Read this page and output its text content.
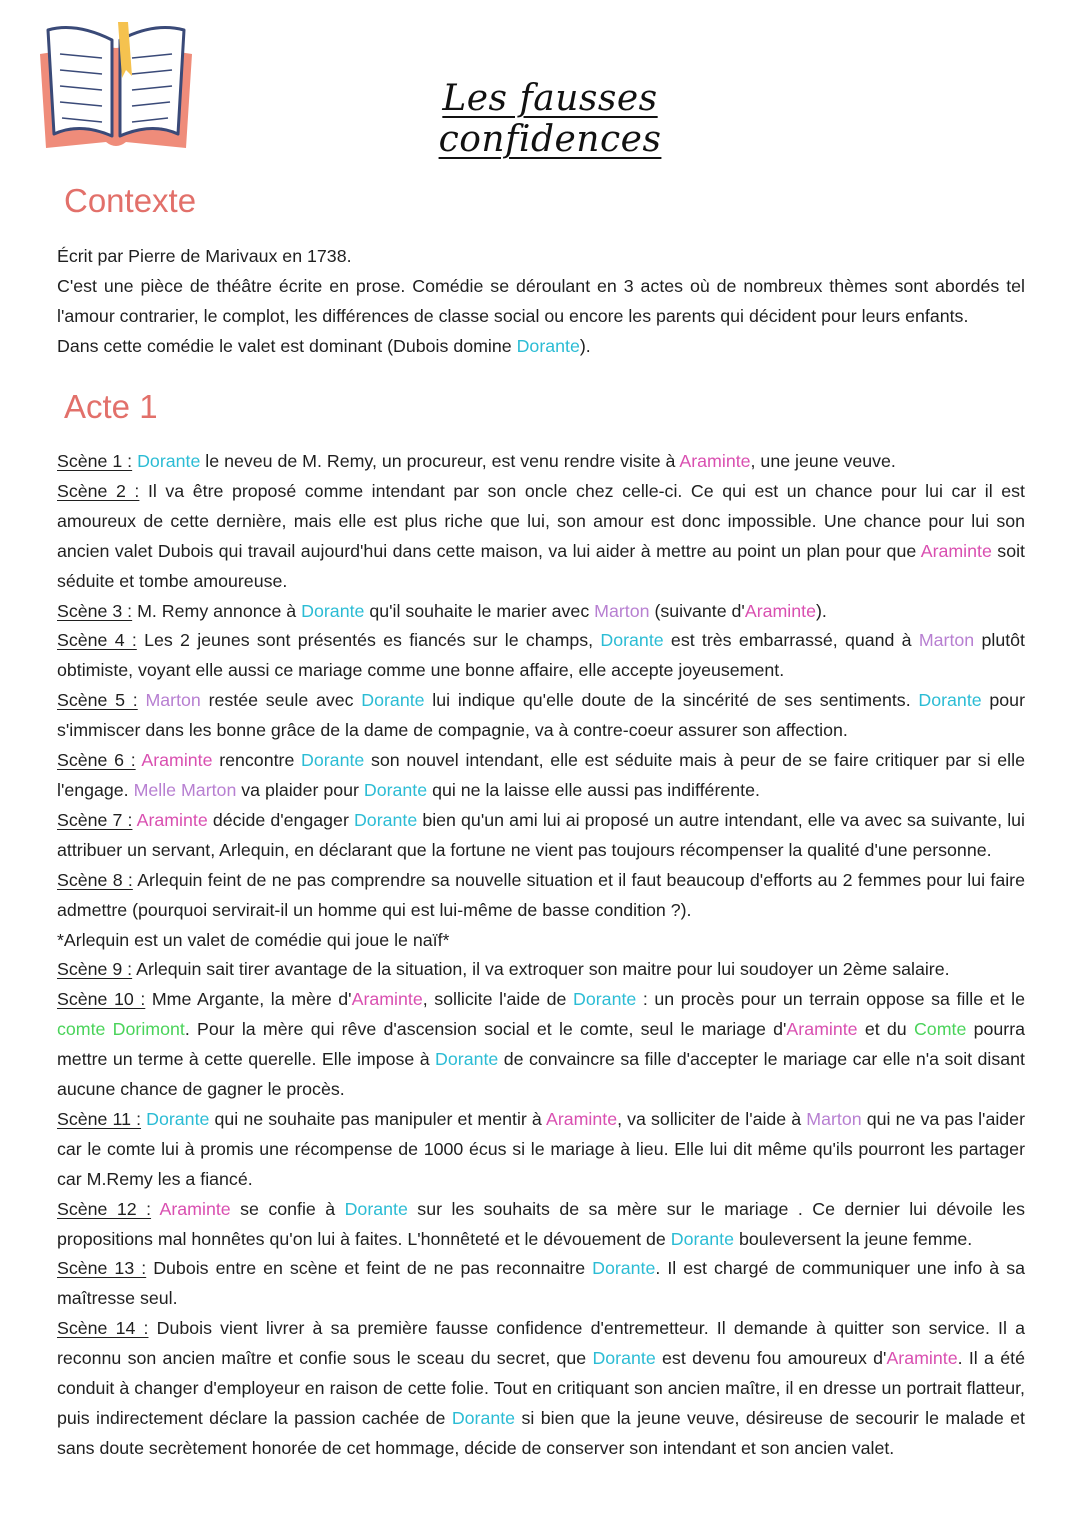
Les fausses confidences
Contexte

Écrit par Pierre de Marivaux en 1738.

C'est une pièce de théâtre écrite en prose. Comédie se déroulant en 3 actes où de nombreux thèmes sont abordés tel l'amour contrarier, le complot, les différences de classe social ou encore les parents qui décident pour leurs enfants.

Dans cette comédie le valet est dominant (Dubois domine Dorante).

Acte 1

Scène 1 : Dorante le neveu de M. Remy, un procureur, est venu rendre visite à Araminte, une jeune veuve.

Scène 2 : Il va être proposé comme intendant par son oncle chez celle-ci. Ce qui est un chance pour lui car il est amoureux de cette dernière, mais elle est plus riche que lui, son amour est donc impossible. Une chance pour lui son ancien valet Dubois qui travail aujourd'hui dans cette maison, va lui aider à mettre au point un plan pour que Araminte soit séduite et tombe amoureuse.

Scène 3 : M. Remy annonce à Dorante qu'il souhaite le marier avec Marton (suivante d'Araminte).

Scène 4 : Les 2 jeunes sont présentés es fiancés sur le champs, Dorante est très embarrassé, quand à Marton plutôt obtimiste, voyant elle aussi ce mariage comme une bonne affaire, elle accepte joyeusement.

Scène 5 : Marton restée seule avec Dorante lui indique qu'elle doute de la sincérité de ses sentiments. Dorante pour s'immiscer dans les bonne grâce de la dame de compagnie, va à contre-coeur assurer son affection.

Scène 6 : Araminte rencontre Dorante son nouvel intendant, elle est séduite mais à peur de se faire critiquer par si elle l'engage. Melle Marton va plaider pour Dorante qui ne la laisse elle aussi pas indifférente.

Scène 7 : Araminte décide d'engager Dorante bien qu'un ami lui ai proposé un autre intendant, elle va avec sa suivante, lui attribuer un servant, Arlequin, en déclarant que la fortune ne vient pas toujours récompenser la qualité d'une personne.

Scène 8 : Arlequin feint de ne pas comprendre sa nouvelle situation et il faut beaucoup d'efforts au 2 femmes pour lui faire admettre (pourquoi servirait-il un homme qui est lui-même de basse condition ?).

*Arlequin est un valet de comédie qui joue le naïf*

Scène 9 : Arlequin sait tirer avantage de la situation, il va extroquer son maitre pour lui soudoyer un 2ème salaire.

Scène 10 : Mme Argante, la mère d'Araminte, sollicite l'aide de Dorante : un procès pour un terrain oppose sa fille et le comte Dorimont. Pour la mère qui rêve d'ascension social et le comte, seul le mariage d'Araminte et du Comte pourra mettre un terme à cette querelle. Elle impose à Dorante de convaincre sa fille d'accepter le mariage car elle n'a soit disant aucune chance de gagner le procès.

Scène 11 : Dorante qui ne souhaite pas manipuler et mentir à Araminte, va solliciter de l'aide à Marton qui ne va pas l'aider car le comte lui à promis une récompense de 1000 écus si le mariage à lieu. Elle lui dit même qu'ils pourront les partager car M.Remy les a fiancé.

Scène 12 : Araminte se confie à Dorante sur les souhaits de sa mère sur le mariage . Ce dernier lui dévoile les propositions mal honnêtes qu'on lui à faites. L'honnêteté et le dévouement de Dorante bouleversent la jeune femme.

Scène 13 : Dubois entre en scène et feint de ne pas reconnaitre Dorante. Il est chargé de communiquer une info à sa maîtresse seul.

Scène 14 : Dubois vient livrer à sa première fausse confidence d'entremetteur. Il demande à quitter son service. Il a reconnu son ancien maître et confie sous le sceau du secret, que Dorante est devenu fou amoureux d'Araminte. Il a été conduit à changer d'employeur en raison de cette folie. Tout en critiquant son ancien maître, il en dresse un portrait flatteur, puis indirectement déclare la passion cachée de Dorante si bien que la jeune veuve, désireuse de secourir le malade et sans doute secrètement honorée de cet hommage, décide de conserver son intendant et son ancien valet.
